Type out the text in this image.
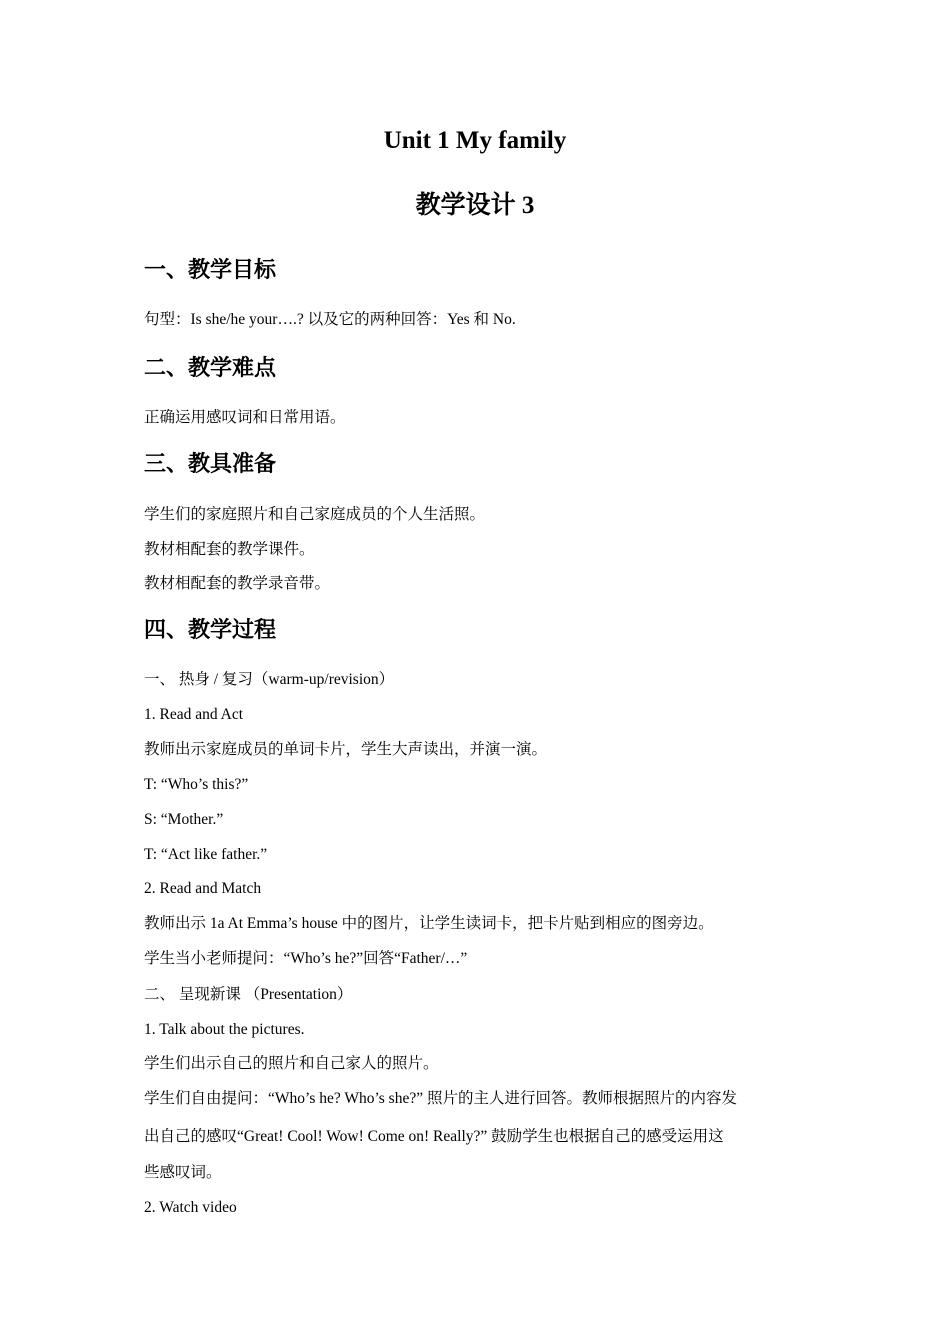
Unit 1 My family
教学设计 3
一、教学目标
句型：Is she/he your….? 以及它的两种回答：Yes 和 No.
二、教学难点
正确运用感叹词和日常用语。
三、教具准备
学生们的家庭照片和自己家庭成员的个人生活照。
教材相配套的教学课件。
教材相配套的教学录音带。
四、教学过程
一、 热身 / 复习（warm-up/revision）
1. Read and Act
教师出示家庭成员的单词卡片，学生大声读出，并演一演。
T: “Who’s this?”
S: “Mother.”
T: “Act like father.”
2. Read and Match
教师出示 1a At Emma’s house 中的图片，让学生读词卡，把卡片贴到相应的图旁边。
学生当小老师提问：“Who’s he?”回答“Father/…”
二、 呈现新课 （Presentation）
1. Talk about the pictures.
学生们出示自己的照片和自己家人的照片。
学生们自由提问：“Who’s he? Who’s she?” 照片的主人进行回答。教师根据照片的内容发
出自己的感叹“Great! Cool! Wow! Come on! Really?” 鼓励学生也根据自己的感受运用这
些感叹词。
2. Watch video
